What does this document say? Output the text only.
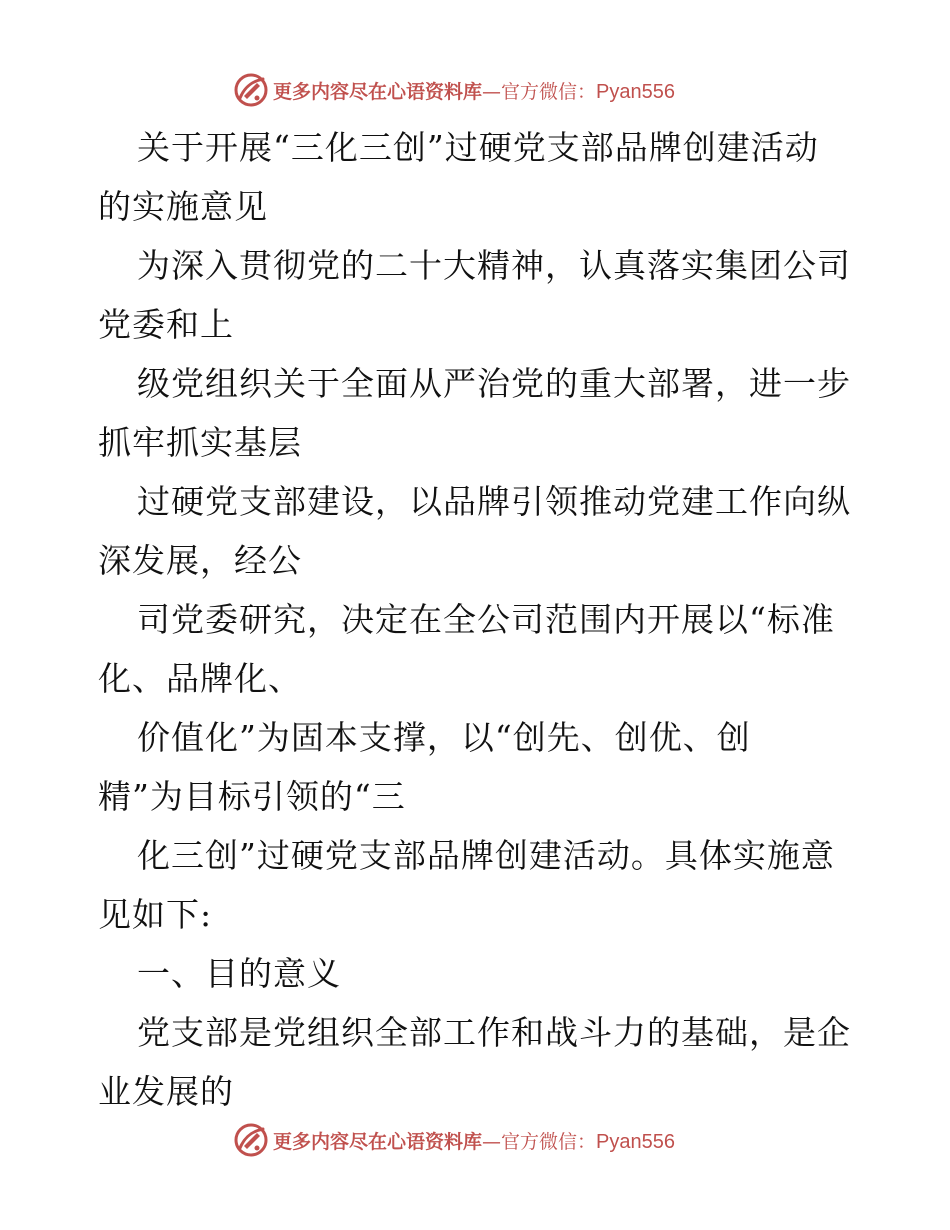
更多内容尽在心语资料库—官方微信：Pyan556
关于开展“三化三创”过硬党支部品牌创建活动
的实施意见
为深入贯彻党的二十大精神，认真落实集团公司
党委和上
级党组织关于全面从严治党的重大部署，进一步
抓牢抓实基层
过硬党支部建设，以品牌引领推动党建工作向纵
深发展，经公
司党委研究，决定在全公司范围内开展以“标准
化、品牌化、
价值化”为固本支撑，以“创先、创优、创
精”为目标引领的“三
化三创”过硬党支部品牌创建活动。具体实施意
见如下:
一、目的意义
党支部是党组织全部工作和战斗力的基础，是企
业发展的
更多内容尽在心语资料库—官方微信：Pyan556
